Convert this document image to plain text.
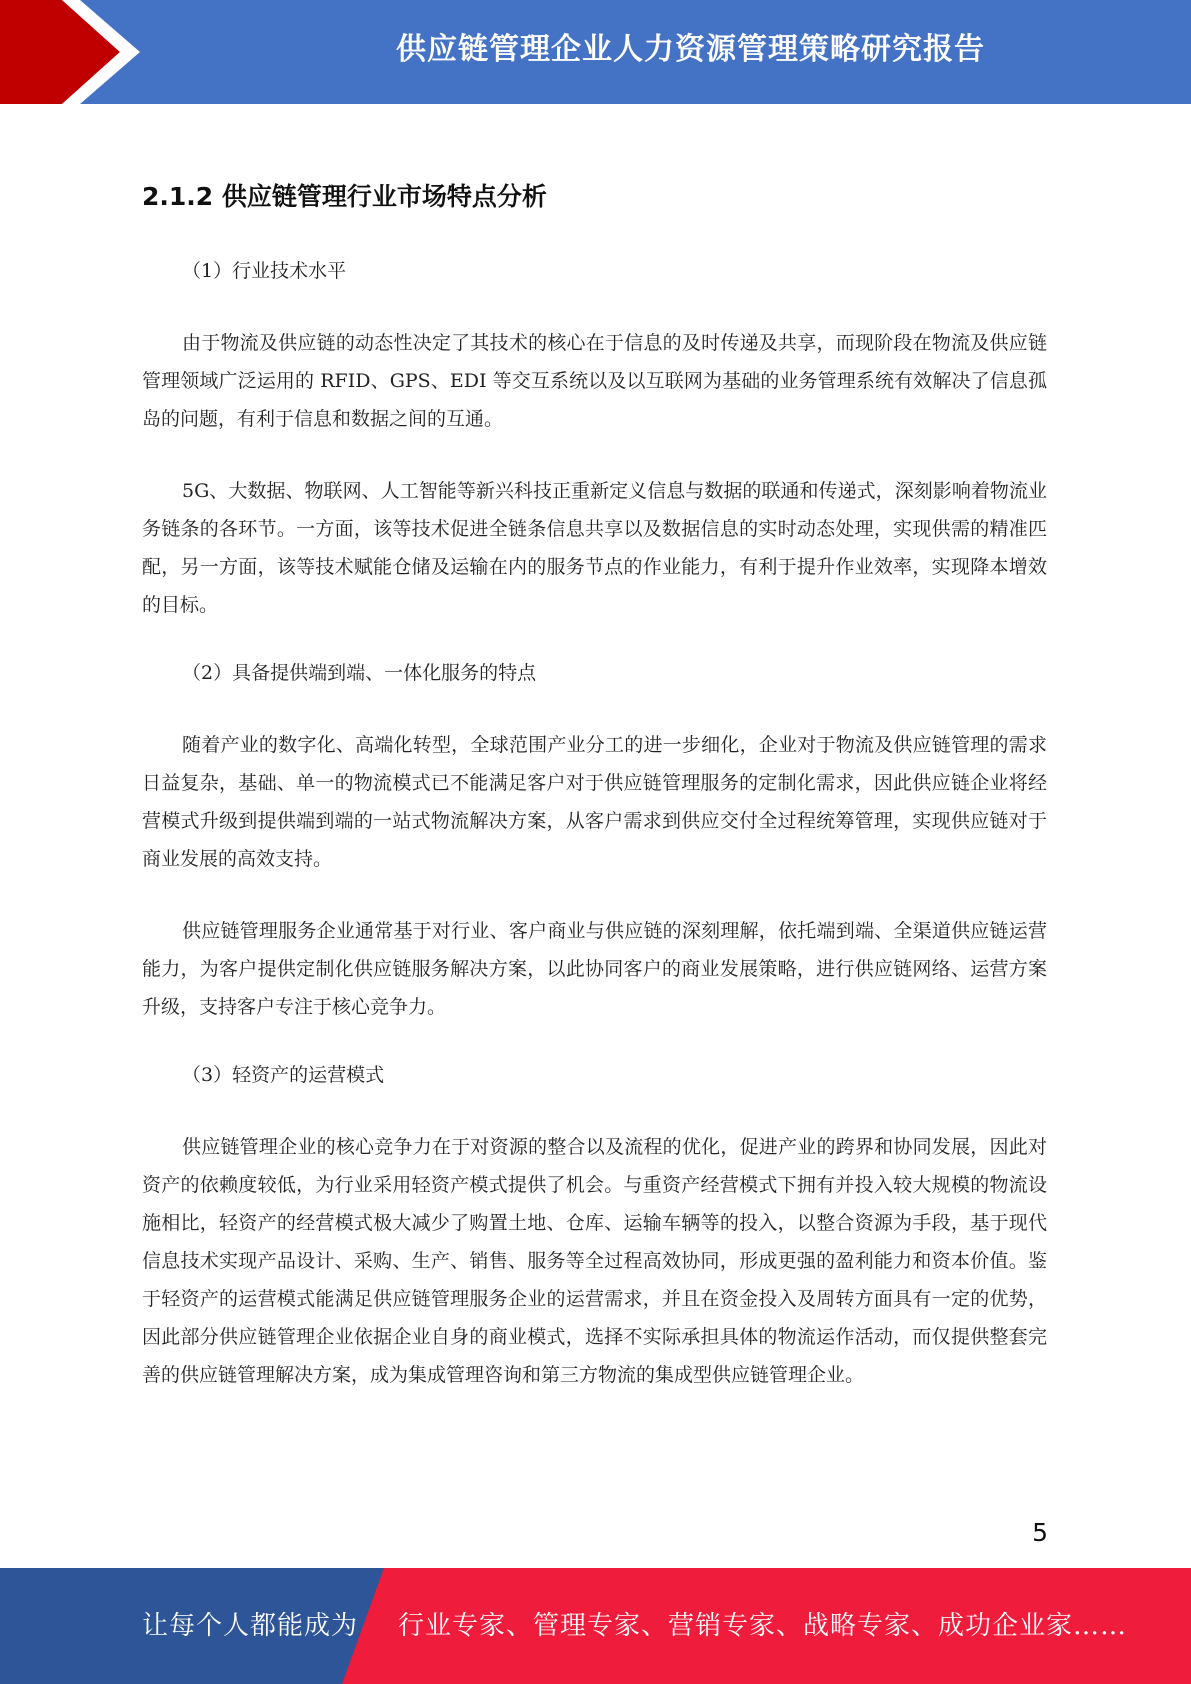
供应链管理企业人力资源管理策略研究报告
2.1.2 供应链管理行业市场特点分析
（1）行业技术水平

由于物流及供应链的动态性决定了其技术的核心在于信息的及时传递及共享，而现阶段在物流及供应链管理领域广泛运用的 RFID、GPS、EDI 等交互系统以及以互联网为基础的业务管理系统有效解决了信息孤岛的问题，有利于信息和数据之间的互通。

5G、大数据、物联网、人工智能等新兴科技正重新定义信息与数据的联通和传递式，深刻影响着物流业务链条的各环节。一方面，该等技术促进全链条信息共享以及数据信息的实时动态处理，实现供需的精准匹配，另一方面，该等技术赋能仓储及运输在内的服务节点的作业能力，有利于提升作业效率，实现降本增效的目标。

（2）具备提供端到端、一体化服务的特点

随着产业的数字化、高端化转型，全球范围产业分工的进一步细化，企业对于物流及供应链管理的需求日益复杂，基础、单一的物流模式已不能满足客户对于供应链管理服务的定制化需求，因此供应链企业将经营模式升级到提供端到端的一站式物流解决方案，从客户需求到供应交付全过程统筹管理，实现供应链对于商业发展的高效支持。

供应链管理服务企业通常基于对行业、客户商业与供应链的深刻理解，依托端到端、全渠道供应链运营能力，为客户提供定制化供应链服务解决方案，以此协同客户的商业发展策略，进行供应链网络、运营方案升级，支持客户专注于核心竞争力。

（3）轻资产的运营模式

供应链管理企业的核心竞争力在于对资源的整合以及流程的优化，促进产业的跨界和协同发展，因此对资产的依赖度较低，为行业采用轻资产模式提供了机会。与重资产经营模式下拥有并投入较大规模的物流设施相比，轻资产的经营模式极大减少了购置土地、仓库、运输车辆等的投入，以整合资源为手段，基于现代信息技术实现产品设计、采购、生产、销售、服务等全过程高效协同，形成更强的盈利能力和资本价值。鉴于轻资产的运营模式能满足供应链管理服务企业的运营需求，并且在资金投入及周转方面具有一定的优势，因此部分供应链管理企业依据企业自身的商业模式，选择不实际承担具体的物流运作活动，而仅提供整套完善的供应链管理解决方案，成为集成管理咨询和第三方物流的集成型供应链管理企业。

5
让每个人都能成为 行业专家、管理专家、营销专家、战略专家、成功企业家……
